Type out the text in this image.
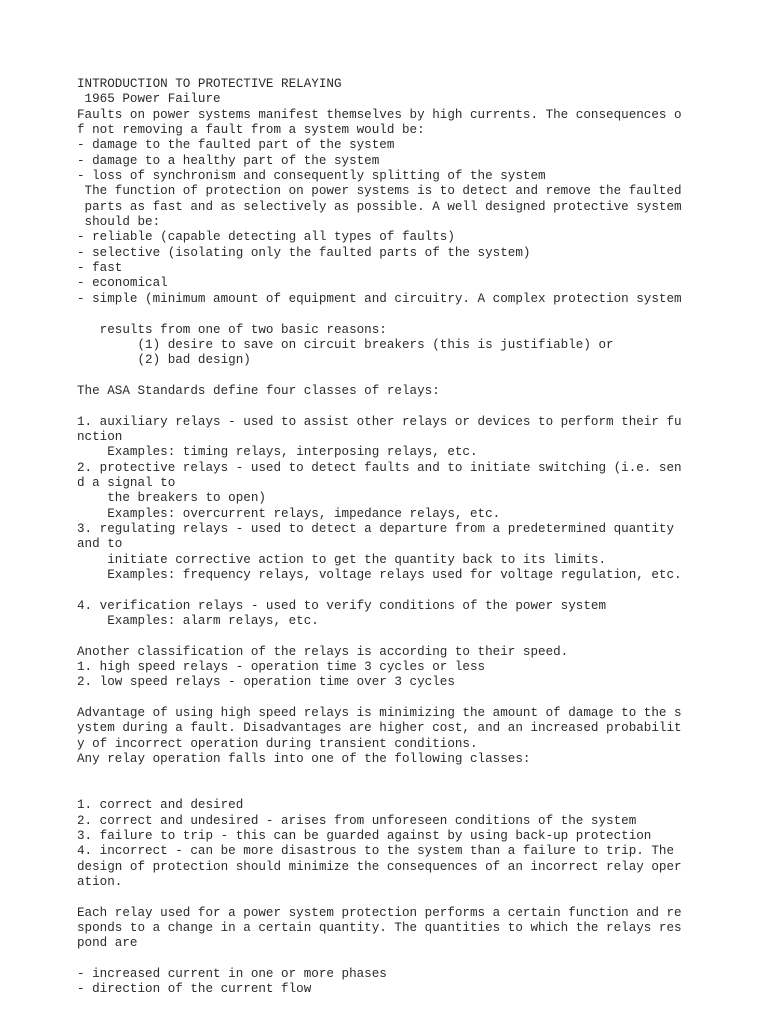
INTRODUCTION TO PROTECTIVE RELAYING
1965 Power Failure
Faults on power systems manifest themselves by high currents. The consequences o
f not removing a fault from a system would be:
- damage to the faulted part of the system
- damage to a healthy part of the system
- loss of synchronism and consequently splitting of the system
The function of protection on power systems is to detect and remove the faulted
parts as fast and as selectively as possible. A well designed protective system
should be:
- reliable (capable detecting all types of faults)
- selective (isolating only the faulted parts of the system)
- fast
- economical
- simple (minimum amount of equipment and circuitry. A complex protection system
results from one of two basic reasons:
(1) desire to save on circuit breakers (this is justifiable) or
(2) bad design)
The ASA Standards define four classes of relays:
1. auxiliary relays - used to assist other relays or devices to perform their fu
nction
Examples: timing relays, interposing relays, etc.
2. protective relays - used to detect faults and to initiate switching (i.e. sen
d a signal to
the breakers to open)
Examples: overcurrent relays, impedance relays, etc.
3. regulating relays - used to detect a departure from a predetermined quantity
and to
initiate corrective action to get the quantity back to its limits.
Examples: frequency relays, voltage relays used for voltage regulation, etc.
4. verification relays - used to verify conditions of the power system
Examples: alarm relays, etc.
Another classification of the relays is according to their speed.
1. high speed relays - operation time 3 cycles or less
2. low speed relays - operation time over 3 cycles
Advantage of using high speed relays is minimizing the amount of damage to the s
ystem during a fault. Disadvantages are higher cost, and an increased probabilit
y of incorrect operation during transient conditions.
Any relay operation falls into one of the following classes:
1. correct and desired
2. correct and undesired - arises from unforeseen conditions of the system
3. failure to trip - this can be guarded against by using back-up protection
4. incorrect - can be more disastrous to the system than a failure to trip. The
design of protection should minimize the consequences of an incorrect relay oper
ation.
Each relay used for a power system protection performs a certain function and re
sponds to a change in a certain quantity. The quantities to which the relays res
pond are
- increased current in one or more phases
- direction of the current flow
